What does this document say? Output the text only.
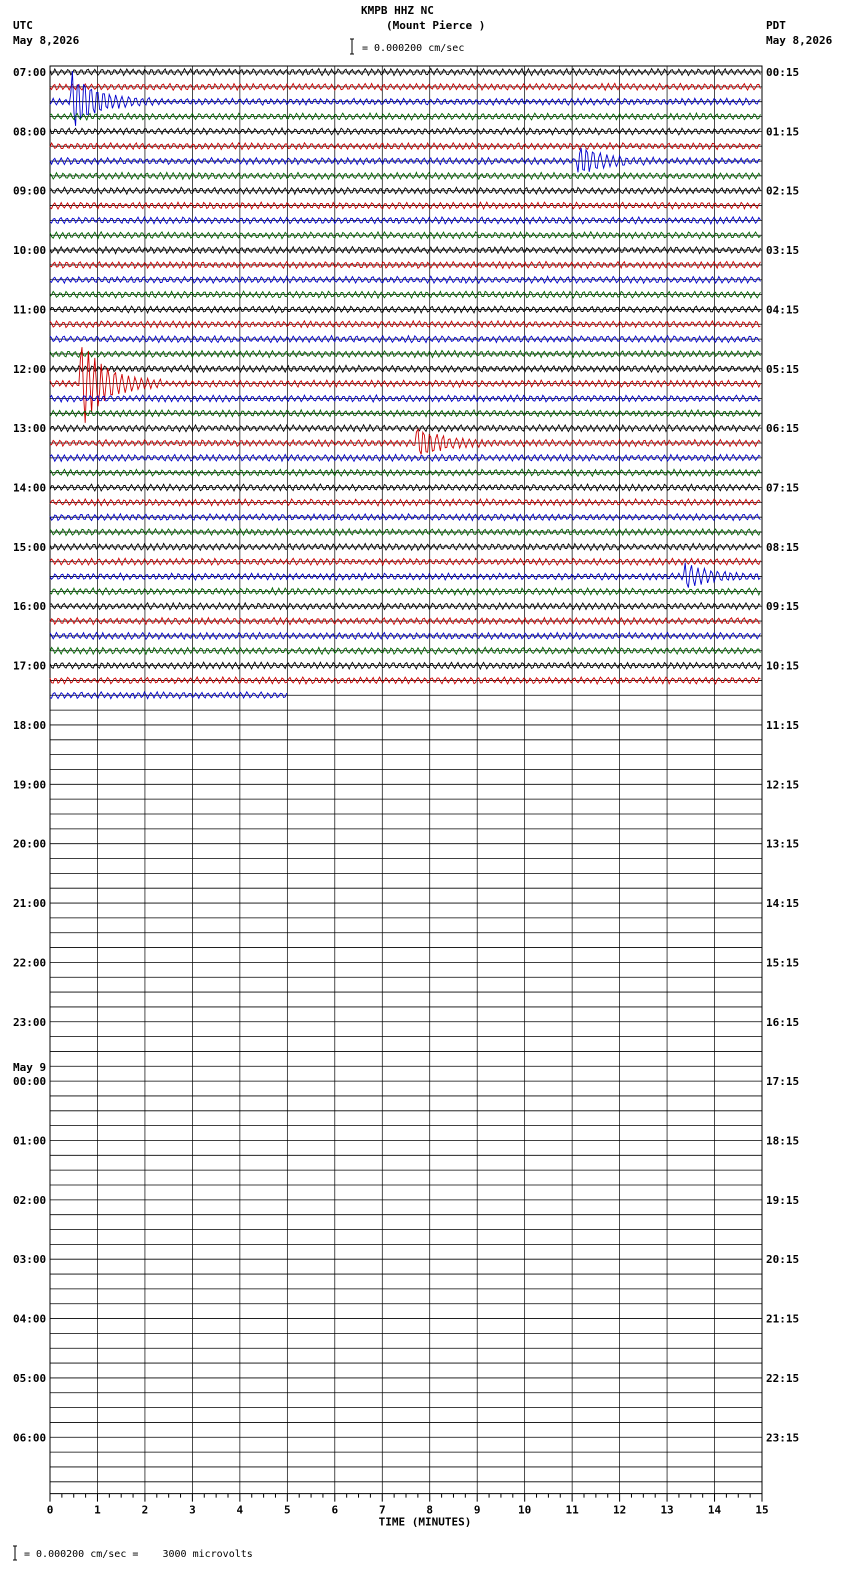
KMPB HHZ NC
(Mount Pierce )
= 0.000200 cm/sec
UTC
May 8,2026
PDT
May 8,2026
= 0.000200 cm/sec =    3000 microvolts
0	1	2	3	4	5	6	7	8	9	10	11	12	13	14	15
TIME (MINUTES)
07:00
08:00
09:00
10:00
11:00
12:00
13:00
14:00
15:00
16:00
17:00
18:00
19:00
20:00
21:00
22:00
23:00
00:00
May 9
01:00
02:00
03:00
04:00
05:00
06:00
00:15
01:15
02:15
03:15
04:15
05:15
06:15
07:15
08:15
09:15
10:15
11:15
12:15
13:15
14:15
15:15
16:15
17:15
18:15
19:15
20:15
21:15
22:15
23:15
